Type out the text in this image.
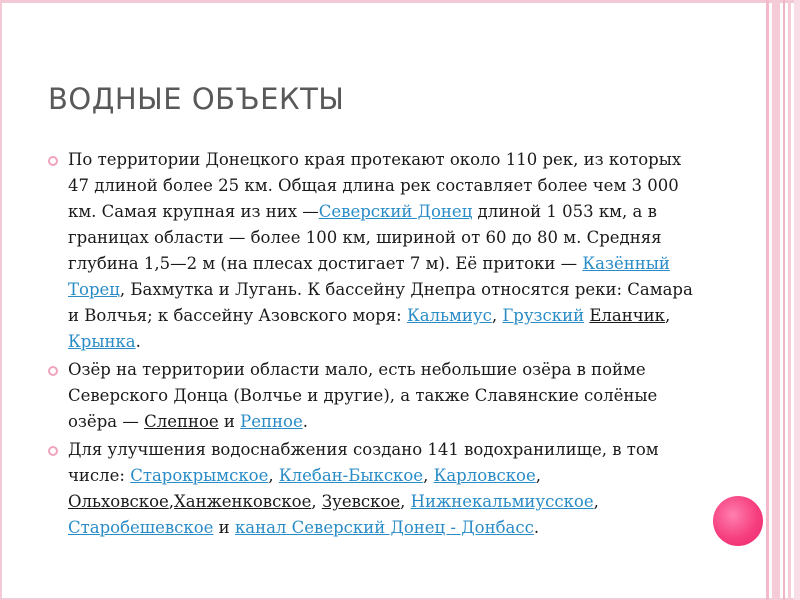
ВОДНЫЕ ОБЪЕКТЫ
По территории Донецкого края протекают около 110 рек, из которых 47 длиной более 25 км. Общая длина рек составляет более чем 3 000 км. Самая крупная из них —Северский Донец длиной 1 053 км, а в границах области — более 100 км, шириной от 60 до 80 м. Средняя глубина 1,5—2 м (на плесах достигает 7 м). Её притоки — Казённый Торец, Бахмутка и Лугань. К бассейну Днепра относятся реки: Самара и Волчья; к бассейну Азовского моря: Кальмиус, Грузский Еланчик, Крынка.
Озёр на территории области мало, есть небольшие озёра в пойме Северского Донца (Волчье и другие), а также Славянские солёные озёра — Слепное и Репное.
Для улучшения водоснабжения создано 141 водохранилище, в том числе: Старокрымское, Клебан-Быкское, Карловское, Ольховское,Ханженковское, Зуевское, Нижнекальмиусское, Старобешевское и канал Северский Донец - Донбасс.
